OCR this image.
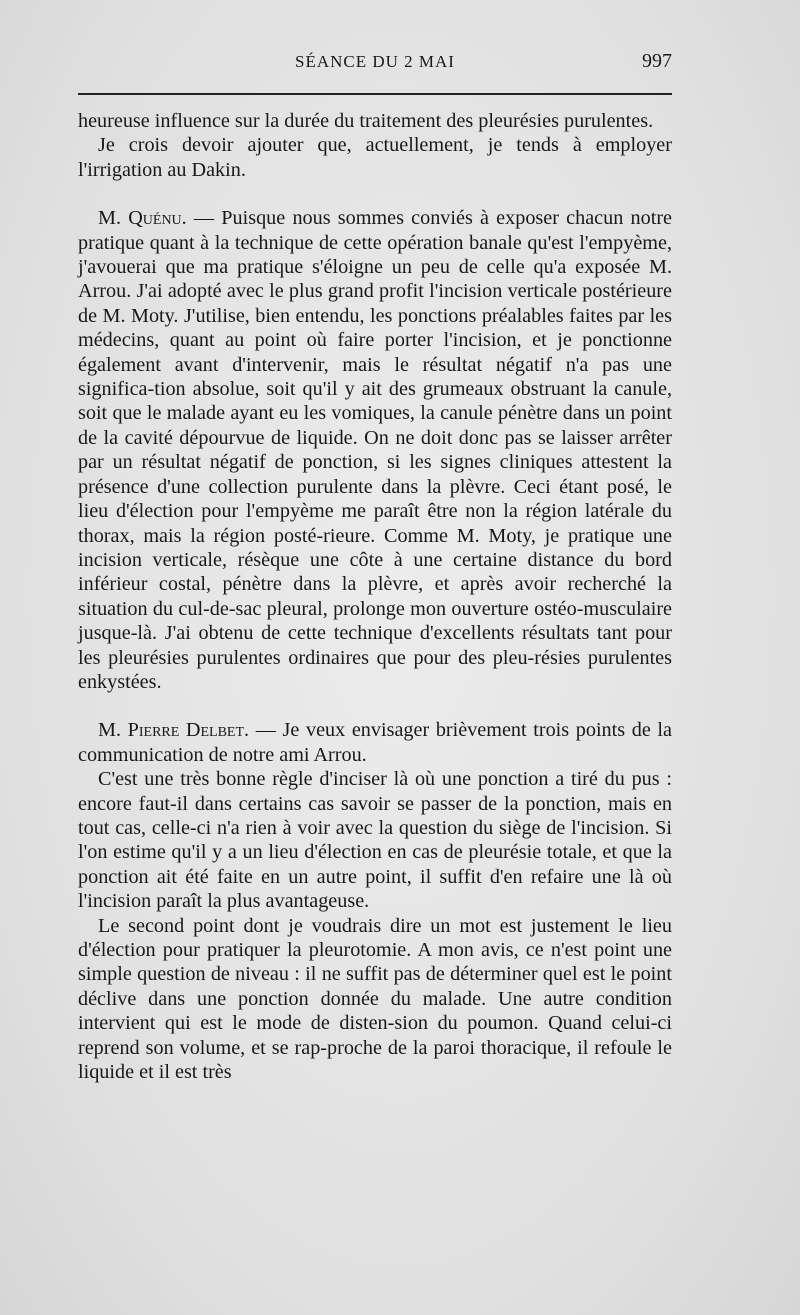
SÉANCE DU 2 MAI	997

heureuse influence sur la durée du traitement des pleurésies purulentes.

Je crois devoir ajouter que, actuellement, je tends à employer l'irrigation au Dakin.

M. Quénu. — Puisque nous sommes conviés à exposer chacun notre pratique quant à la technique de cette opération banale qu'est l'empyème, j'avouerai que ma pratique s'éloigne un peu de celle qu'a exposée M. Arrou. J'ai adopté avec le plus grand profit l'incision verticale postérieure de M. Moty. J'utilise, bien entendu, les ponctions préalables faites par les médecins, quant au point où faire porter l'incision, et je ponctionne également avant d'intervenir, mais le résultat négatif n'a pas une significa-tion absolue, soit qu'il y ait des grumeaux obstruant la canule, soit que le malade ayant eu les vomiques, la canule pénètre dans un point de la cavité dépourvue de liquide. On ne doit donc pas se laisser arrêter par un résultat négatif de ponction, si les signes cliniques attestent la présence d'une collection purulente dans la plèvre. Ceci étant posé, le lieu d'élection pour l'empyème me paraît être non la région latérale du thorax, mais la région posté-rieure. Comme M. Moty, je pratique une incision verticale, résèque une côte à une certaine distance du bord inférieur costal, pénètre dans la plèvre, et après avoir recherché la situation du cul-de-sac pleural, prolonge mon ouverture ostéo-musculaire jusque-là. J'ai obtenu de cette technique d'excellents résultats tant pour les pleurésies purulentes ordinaires que pour des pleu-résies purulentes enkystées.

M. Pierre Delbet. — Je veux envisager brièvement trois points de la communication de notre ami Arrou.

C'est une très bonne règle d'inciser là où une ponction a tiré du pus : encore faut-il dans certains cas savoir se passer de la ponction, mais en tout cas, celle-ci n'a rien à voir avec la question du siège de l'incision. Si l'on estime qu'il y a un lieu d'élection en cas de pleurésie totale, et que la ponction ait été faite en un autre point, il suffit d'en refaire une là où l'incision paraît la plus avantageuse.

Le second point dont je voudrais dire un mot est justement le lieu d'élection pour pratiquer la pleurotomie. A mon avis, ce n'est point une simple question de niveau : il ne suffit pas de déterminer quel est le point déclive dans une ponction donnée du malade. Une autre condition intervient qui est le mode de disten-sion du poumon. Quand celui-ci reprend son volume, et se rap-proche de la paroi thoracique, il refoule le liquide et il est très
